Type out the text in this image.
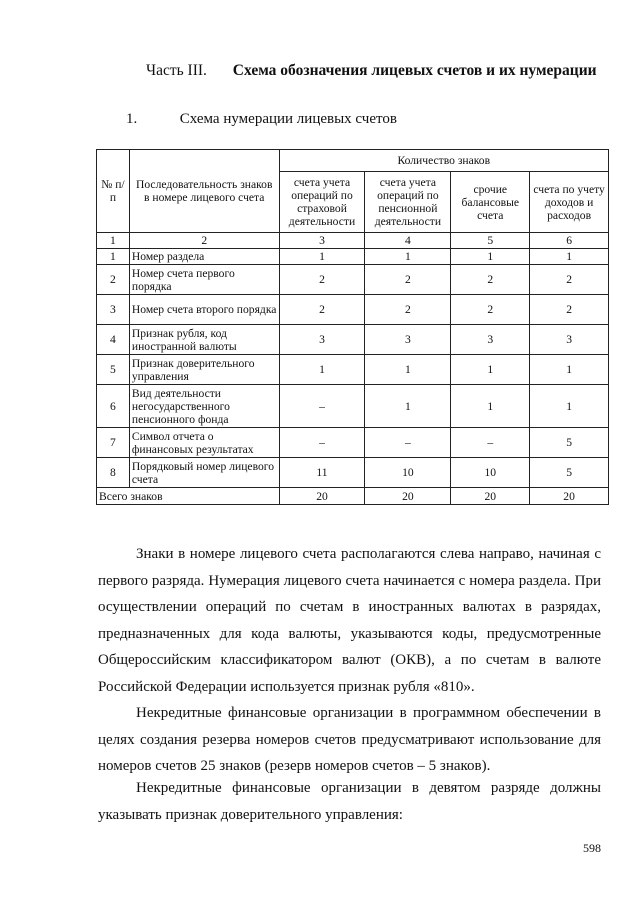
Часть III. Схема обозначения лицевых счетов и их нумерации
1.	Схема нумерации лицевых счетов
№ п/п	Последовательность знаков в номере лицевого счета	Количество знаков			
		счета учета операций по страховой деятельности	счета учета операций по пенсионной деятельности	срочие балансовые счета	счета по учету доходов и расходов
1	2	3	4	5	6
1	Номер раздела	1	1	1	1
2	Номер счета первого порядка	2	2	2	2
3	Номер счета второго порядка	2	2	2	2
4	Признак рубля, код иностранной валюты	3	3	3	3
5	Признак доверительного управления	1	1	1	1
6	Вид деятельности негосударственного пенсионного фонда	–	1	1	1
7	Символ отчета о финансовых результатах	–	–	–	5
8	Порядковый номер лицевого счета	11	10	10	5
Всего знаков		20	20	20	20

Знаки в номере лицевого счета располагаются слева направо, начиная с первого разряда. Нумерация лицевого счета начинается с номера раздела. При осуществлении операций по счетам в иностранных валютах в разрядах, предназначенных для кода валюты, указываются коды, предусмотренные Общероссийским классификатором валют (ОКВ), а по счетам в валюте Российской Федерации используется признак рубля «810».

Некредитные финансовые организации в программном обеспечении в целях создания резерва номеров счетов предусматривают использование для номеров счетов 25 знаков (резерв номеров счетов – 5 знаков).

Некредитные финансовые организации в девятом разряде должны указывать признак доверительного управления:

598
